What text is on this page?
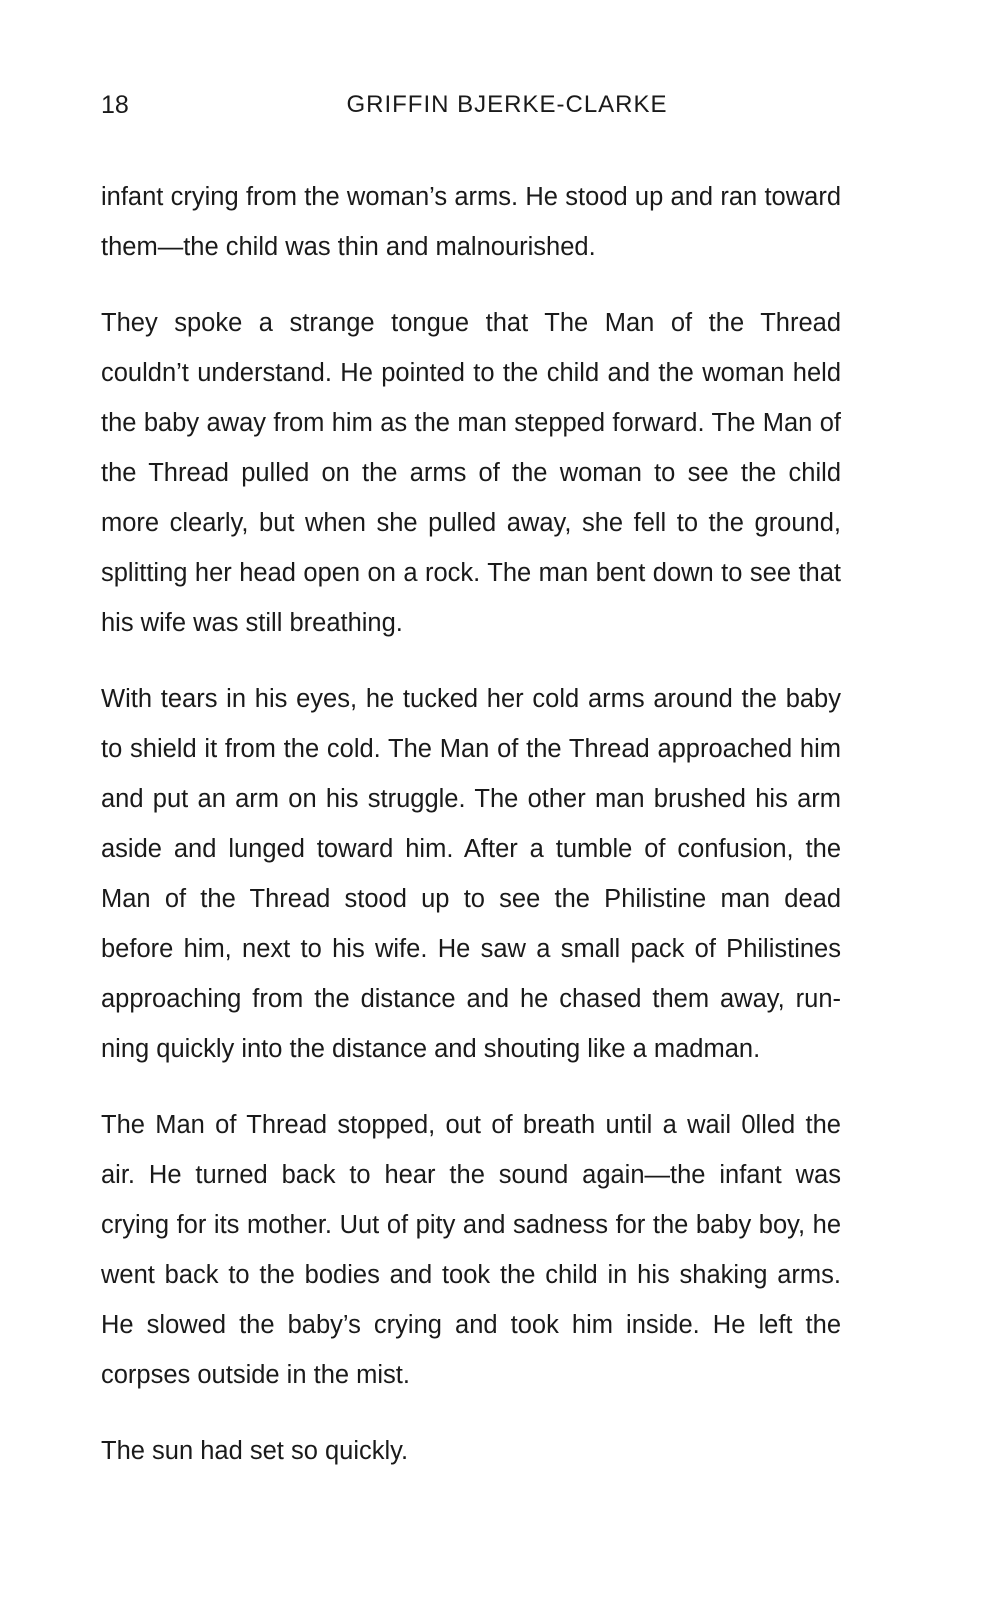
18	GRIFFIN BJERKE-CLARKE

infant crying from the woman’s arms. He stood up and ran toward them—the child was thin and malnourished.

They spoke a strange tongue that The Man of the Thread couldn’t understand. He pointed to the child and the woman held the baby away from him as the man stepped forward. The Man of the Thread pulled on the arms of the woman to see the child more clearly, but when she pulled away, she fell to the ground, splitting her head open on a rock. The man bent down to see that his wife was still breathing.

With tears in his eyes, he tucked her cold arms around the baby to shield it from the cold. The Man of the Thread approached him and put an arm on his struggle. The other man brushed his arm aside and lunged toward him. After a tumble of confusion, the Man of the Thread stood up to see the Philistine man dead before him, next to his wife. He saw a small pack of Philistines approaching from the distance and he chased them away, run-ning quickly into the distance and shouting like a madman.

The Man of Thread stopped, out of breath until a wail 0lled the air. He turned back to hear the sound again—the infant was crying for its mother. Uut of pity and sadness for the baby boy, he went back to the bodies and took the child in his shaking arms. He slowed the baby’s crying and took him inside. He left the corpses outside in the mist.

The sun had set so quickly.
